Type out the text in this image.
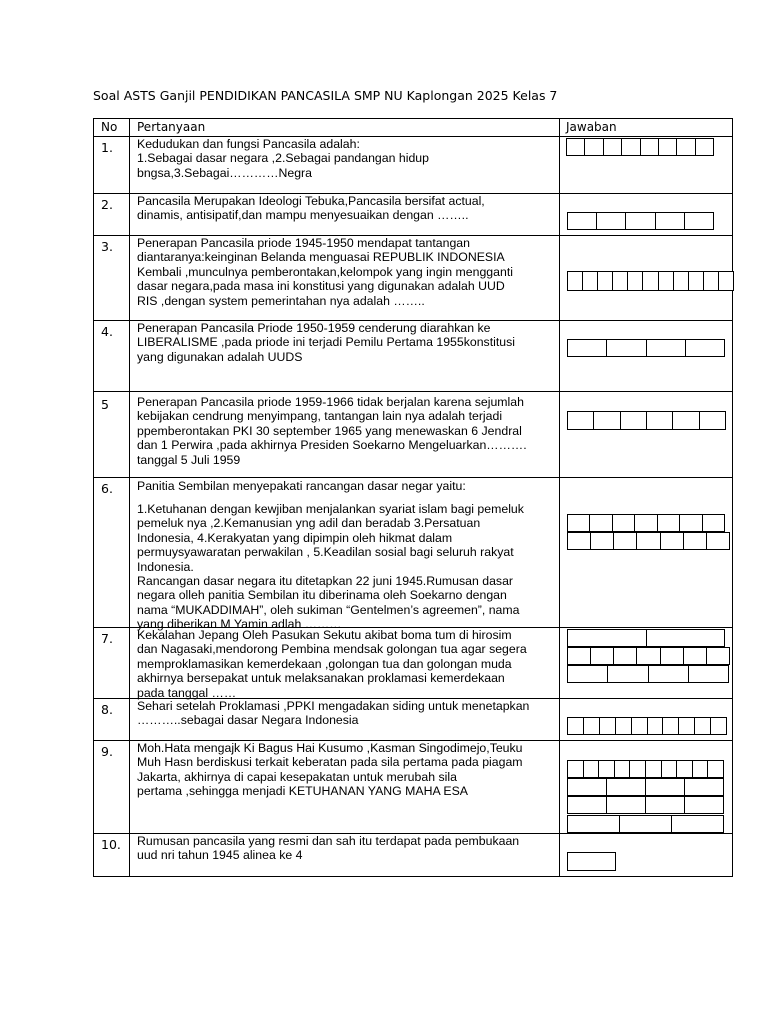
Soal ASTS Ganjil PENDIDIKAN PANCASILA SMP NU Kaplongan 2025 Kelas 7
No Pertanyaan	Jawaban
1. Kedudukan dan fungsi Pancasila adalah:
1.Sebagai dasar negara ,2.Sebagai pandangan hidup
bngsa,3.Sebagai…………Negra
2. Pancasila Merupakan Ideologi Tebuka,Pancasila bersifat actual,
dinamis, antisipatif,dan mampu menyesuaikan dengan ……..
3. Penerapan Pancasila priode 1945-1950 mendapat tantangan
diantaranya:keinginan Belanda menguasai REPUBLIK INDONESIA
Kembali ,munculnya pemberontakan,kelompok yang ingin mengganti
dasar negara,pada masa ini konstitusi yang digunakan adalah UUD
RIS ,dengan system pemerintahan nya adalah ……..
4. Penerapan Pancasila Priode 1950-1959 cenderung diarahkan ke
LIBERALISME ,pada priode ini terjadi Pemilu Pertama 1955konstitusi
yang digunakan adalah UUDS
5 Penerapan Pancasila priode 1959-1966 tidak berjalan karena sejumlah
kebijakan cendrung menyimpang, tantangan lain nya adalah terjadi
ppemberontakan PKI 30 september 1965 yang menewaskan 6 Jendral
dan 1 Perwira ,pada akhirnya Presiden Soekarno Mengeluarkan……….
tanggal 5 Juli 1959
6. Panitia Sembilan menyepakati rancangan dasar negar yaitu:
1.Ketuhanan dengan kewjiban menjalankan syariat islam bagi pemeluk
pemeluk nya ,2.Kemanusian yng adil dan beradab 3.Persatuan
Indonesia, 4.Kerakyatan yang dipimpin oleh hikmat dalam
permuysyawaratan perwakilan , 5.Keadilan sosial bagi seluruh rakyat
Indonesia.
Rancangan dasar negara itu ditetapkan 22 juni 1945.Rumusan dasar
negara olleh panitia Sembilan itu diberinama oleh Soekarno dengan
nama “MUKADDIMAH”, oleh sukiman “Gentelmen’s agreemen”, nama
yang diberikan M Yamin adlah ………
7. Kekalahan Jepang Oleh Pasukan Sekutu akibat boma tum di hirosim
dan Nagasaki,mendorong Pembina mendsak golongan tua agar segera
memproklamasikan kemerdekaan ,golongan tua dan golongan muda
akhirnya bersepakat untuk melaksanakan proklamasi kemerdekaan
pada tanggal ……
8. Sehari setelah Proklamasi ,PPKI mengadakan siding untuk menetapkan
………..sebagai dasar Negara Indonesia
9. Moh.Hata mengajk Ki Bagus Hai Kusumo ,Kasman Singodimejo,Teuku
Muh Hasn berdiskusi terkait keberatan pada sila pertama pada piagam
Jakarta, akhirnya di capai kesepakatan untuk merubah sila
pertama ,sehingga menjadi KETUHANAN YANG MAHA ESA
10. Rumusan pancasila yang resmi dan sah itu terdapat pada pembukaan
uud nri tahun 1945 alinea ke 4
